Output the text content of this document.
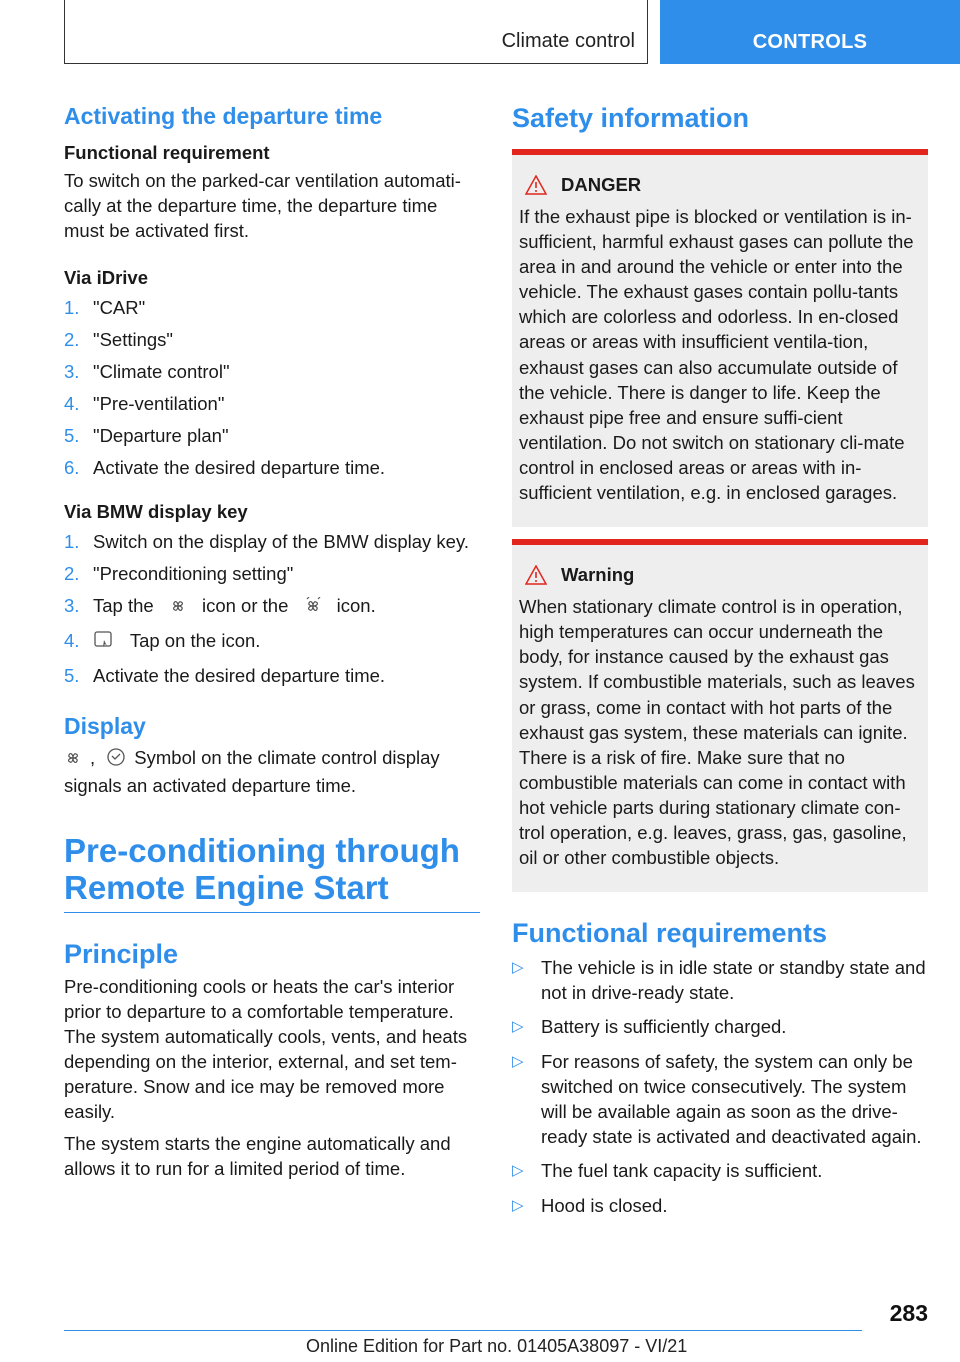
Climate control	CONTROLS
Activating the departure time
Functional requirement

To switch on the parked-car ventilation automati-cally at the departure time, the departure time must be activated first.

Via iDrive
1. "CAR"
2. "Settings"
3. "Climate control"
4. "Pre-ventilation"
5. "Departure plan"
6. Activate the desired departure time.
Via BMW display key
1. Switch on the display of the BMW display key.
2. "Preconditioning setting"
3. Tap the	icon or the	icon.
4.	Tap on the icon.
5. Activate the desired departure time.
Display

, Symbol on the climate control display signals an activated departure time.

Pre-conditioning through Remote Engine Start
Principle

Pre-conditioning cools or heats the car's interior prior to departure to a comfortable temperature. The system automatically cools, vents, and heats depending on the interior, external, and set tem-perature. Snow and ice may be removed more easily.

The system starts the engine automatically and allows it to run for a limited period of time.

Safety information
DANGER

If the exhaust pipe is blocked or ventilation is in-sufficient, harmful exhaust gases can pollute the area in and around the vehicle or enter into the vehicle. The exhaust gases contain pollu-tants which are colorless and odorless. In en-closed areas or areas with insufficient ventila-tion, exhaust gases can also accumulate outside of the vehicle. There is danger to life. Keep the exhaust pipe free and ensure suffi-cient ventilation. Do not switch on stationary cli-mate control in enclosed areas or areas with in-sufficient ventilation, e.g. in enclosed garages.

Warning

When stationary climate control is in operation, high temperatures can occur underneath the body, for instance caused by the exhaust gas system. If combustible materials, such as leaves or grass, come in contact with hot parts of the exhaust gas system, these materials can ignite. There is a risk of fire. Make sure that no combustible materials can come in contact with hot vehicle parts during stationary climate con-trol operation, e.g. leaves, grass, gas, gasoline, oil or other combustible objects.

Functional requirements
▷ The vehicle is in idle state or standby state and not in drive-ready state.
▷ Battery is sufficiently charged.
▷ For reasons of safety, the system can only be switched on twice consecutively. The system will be available again as soon as the drive-ready state is activated and deactivated again.
▷ The fuel tank capacity is sufficient.
▷ Hood is closed.
283
Online Edition for Part no. 01405A38097 - VI/21
